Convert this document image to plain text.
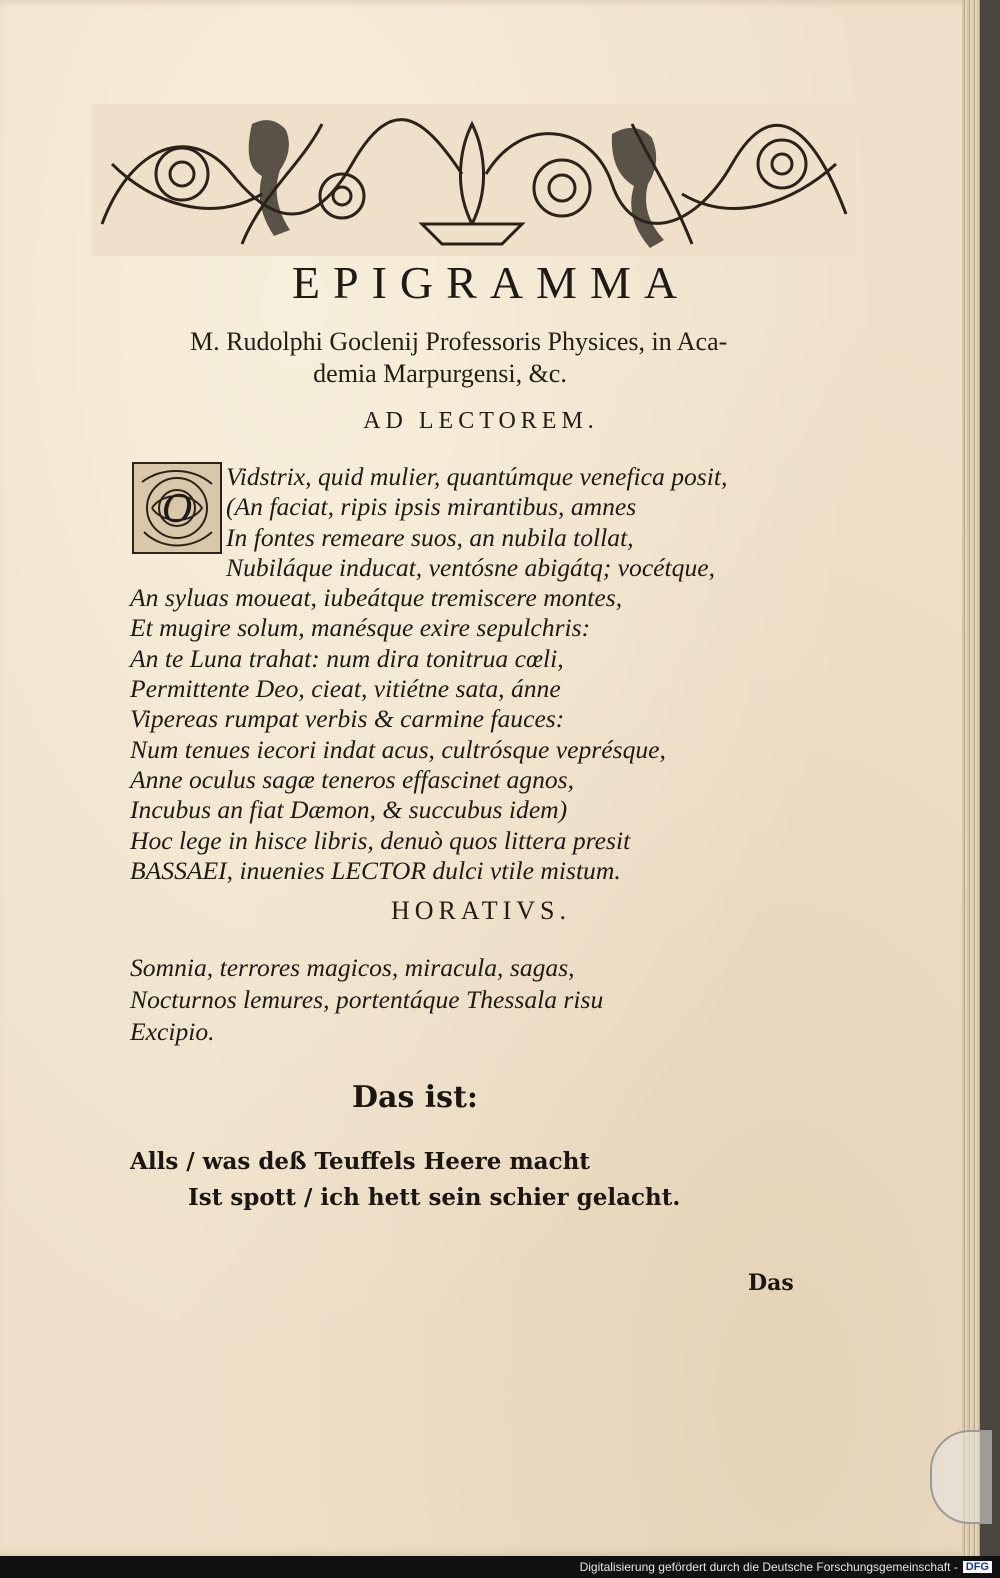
EPIGRAMMA
M. Rudolphi Goclenij Professoris Physices, in Aca-

demia Marpurgensi, &c.
AD LECTOREM.
O
Vidstrix, quid mulier, quantúmque venefica posit,
(An faciat, ripis ipsis mirantibus, amnes
In fontes remeare suos, an nubila tollat,
Nubiláque inducat, ventósne abigátq; vocétque,
An syluas moueat, iubeátque tremiscere montes,
Et mugire solum, manésque exire sepulchris:
An te Luna trahat: num dira tonitrua cœli,
Permittente Deo, cieat, vitiétne sata, ánne
Vipereas rumpat verbis & carmine fauces:
Num tenues iecori indat acus, cultrósque veprésque,
Anne oculus sagæ teneros effascinet agnos,
Incubus an fiat Dæmon, & succubus idem)
Hoc lege in hisce libris, denuò quos littera presit
BASSAEI, inuenies LECTOR dulci vtile mistum.
HORATIVS.
Somnia, terrores magicos, miracula, sagas,
Nocturnos lemures, portentáque Thessala risu
Excipio.
Das ist:
Alls / was deß Teuffels Heere macht
Ist spott / ich hett sein schier gelacht.
Das
Digitalisierung gefördert durch die Deutsche Forschungsgemeinschaft - DFG
